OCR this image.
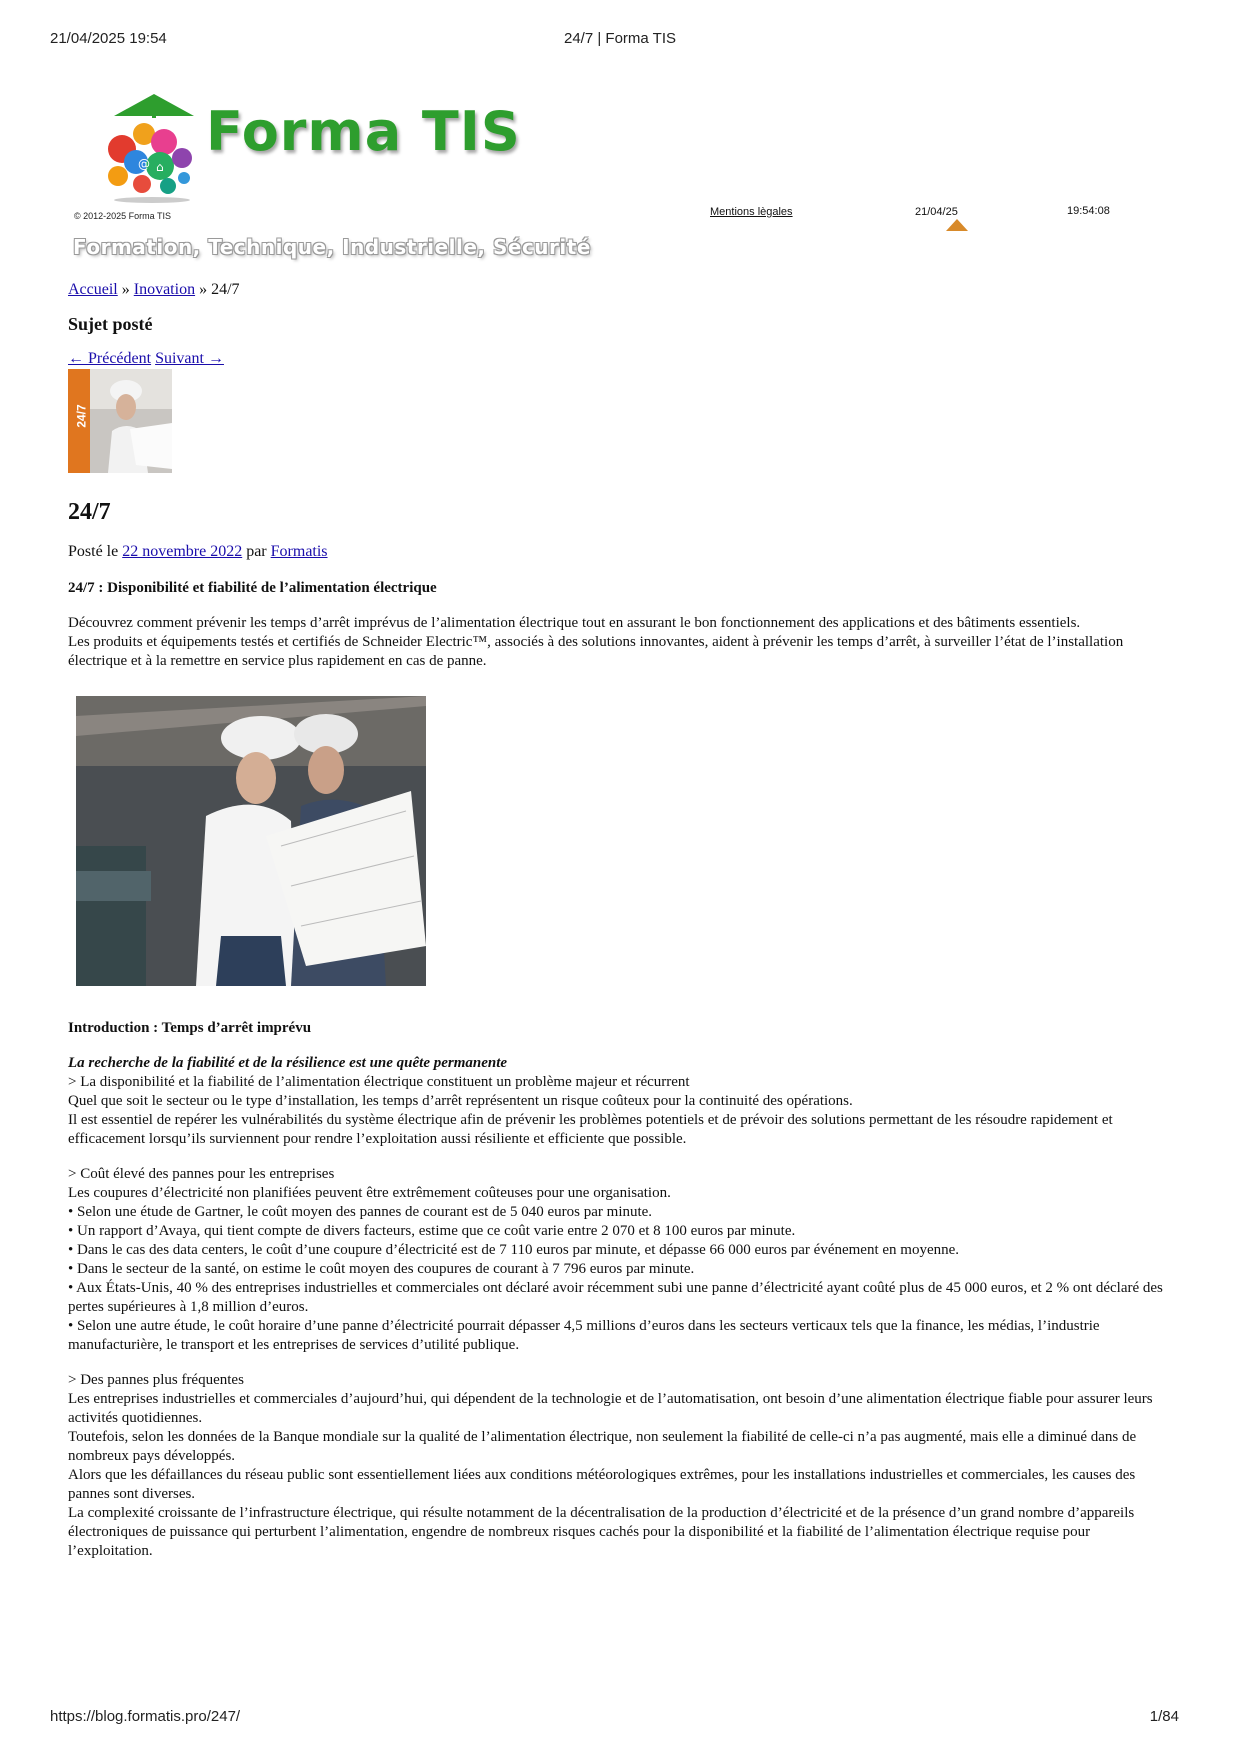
21/04/2025 19:54	24/7 | Forma TIS
@ ⌂
Forma TIS
© 2012-2025 Forma TIS	Mentions lègales	21/04/25	19:54:08
Formation, Technique, Industrielle, Sécurité
Accueil » Inovation » 24/7
Sujet posté
← Précédent Suivant →
24/7
24/7
Posté le 22 novembre 2022 par Formatis
24/7 : Disponibilité et fiabilité de l’alimentation électrique
Découvrez comment prévenir les temps d’arrêt imprévus de l’alimentation électrique tout en assurant le bon fonctionnement des applications et des bâtiments essentiels.
Les produits et équipements testés et certifiés de Schneider Electric™, associés à des solutions innovantes, aident à prévenir les temps d’arrêt, à surveiller l’état de l’installation électrique et à la remettre en service plus rapidement en cas de panne.
Introduction : Temps d’arrêt imprévu
La recherche de la fiabilité et de la résilience est une quête permanente
> La disponibilité et la fiabilité de l’alimentation électrique constituent un problème majeur et récurrent
Quel que soit le secteur ou le type d’installation, les temps d’arrêt représentent un risque coûteux pour la continuité des opérations.
Il est essentiel de repérer les vulnérabilités du système électrique afin de prévenir les problèmes potentiels et de prévoir des solutions permettant de les résoudre rapidement et efficacement lorsqu’ils surviennent pour rendre l’exploitation aussi résiliente et efficiente que possible.
> Coût élevé des pannes pour les entreprises
Les coupures d’électricité non planifiées peuvent être extrêmement coûteuses pour une organisation.
• Selon une étude de Gartner, le coût moyen des pannes de courant est de 5 040 euros par minute.
• Un rapport d’Avaya, qui tient compte de divers facteurs, estime que ce coût varie entre 2 070 et 8 100 euros par minute.
• Dans le cas des data centers, le coût d’une coupure d’électricité est de 7 110 euros par minute, et dépasse 66 000 euros par événement en moyenne.
• Dans le secteur de la santé, on estime le coût moyen des coupures de courant à 7 796 euros par minute.
• Aux États-Unis, 40 % des entreprises industrielles et commerciales ont déclaré avoir récemment subi une panne d’électricité ayant coûté plus de 45 000 euros, et 2 % ont déclaré des pertes supérieures à 1,8 million d’euros.
• Selon une autre étude, le coût horaire d’une panne d’électricité pourrait dépasser 4,5 millions d’euros dans les secteurs verticaux tels que la finance, les médias, l’industrie manufacturière, le transport et les entreprises de services d’utilité publique.
> Des pannes plus fréquentes
Les entreprises industrielles et commerciales d’aujourd’hui, qui dépendent de la technologie et de l’automatisation, ont besoin d’une alimentation électrique fiable pour assurer leurs activités quotidiennes.
Toutefois, selon les données de la Banque mondiale sur la qualité de l’alimentation électrique, non seulement la fiabilité de celle-ci n’a pas augmenté, mais elle a diminué dans de nombreux pays développés.
Alors que les défaillances du réseau public sont essentiellement liées aux conditions météorologiques extrêmes, pour les installations industrielles et commerciales, les causes des pannes sont diverses.
La complexité croissante de l’infrastructure électrique, qui résulte notamment de la décentralisation de la production d’électricité et de la présence d’un grand nombre d’appareils électroniques de puissance qui perturbent l’alimentation, engendre de nombreux risques cachés pour la disponibilité et la fiabilité de l’alimentation électrique requise pour l’exploitation.
https://blog.formatis.pro/247/	1/84
